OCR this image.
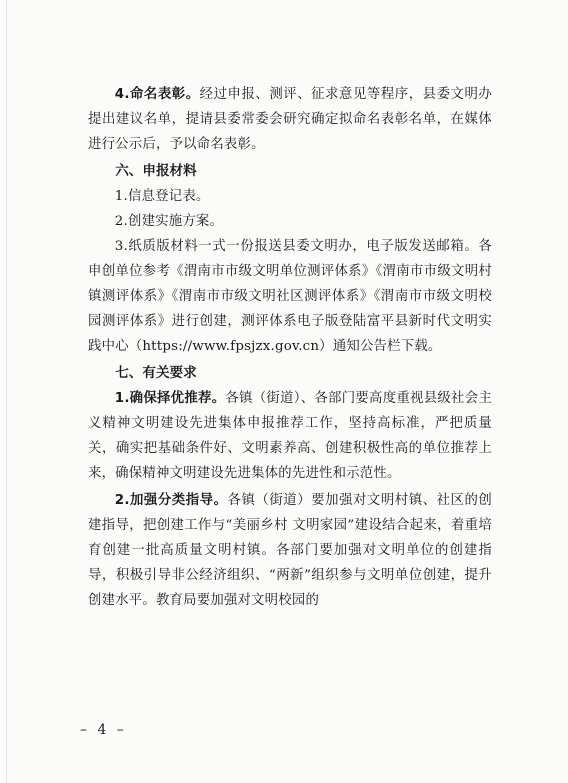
4.命名表彰。经过申报、测评、征求意见等程序，县委文明办提出建议名单，提请县委常委会研究确定拟命名表彰名单，在媒体进行公示后，予以命名表彰。

六、申报材料

1.信息登记表。

2.创建实施方案。

3.纸质版材料一式一份报送县委文明办，电子版发送邮箱。各申创单位参考《渭南市市级文明单位测评体系》《渭南市市级文明村镇测评体系》《渭南市市级文明社区测评体系》《渭南市市级文明校园测评体系》进行创建，测评体系电子版登陆富平县新时代文明实践中心（https://www.fpsjzx.gov.cn）通知公告栏下载。

七、有关要求

1.确保择优推荐。各镇（街道）、各部门要高度重视县级社会主义精神文明建设先进集体申报推荐工作，坚持高标准，严把质量关，确实把基础条件好、文明素养高、创建积极性高的单位推荐上来，确保精神文明建设先进集体的先进性和示范性。

2.加强分类指导。各镇（街道）要加强对文明村镇、社区的创建指导，把创建工作与“美丽乡村 文明家园”建设结合起来，着重培育创建一批高质量文明村镇。各部门要加强对文明单位的创建指导，积极引导非公经济组织、“两新”组织参与文明单位创建，提升创建水平。教育局要加强对文明校园的

– 4 –
